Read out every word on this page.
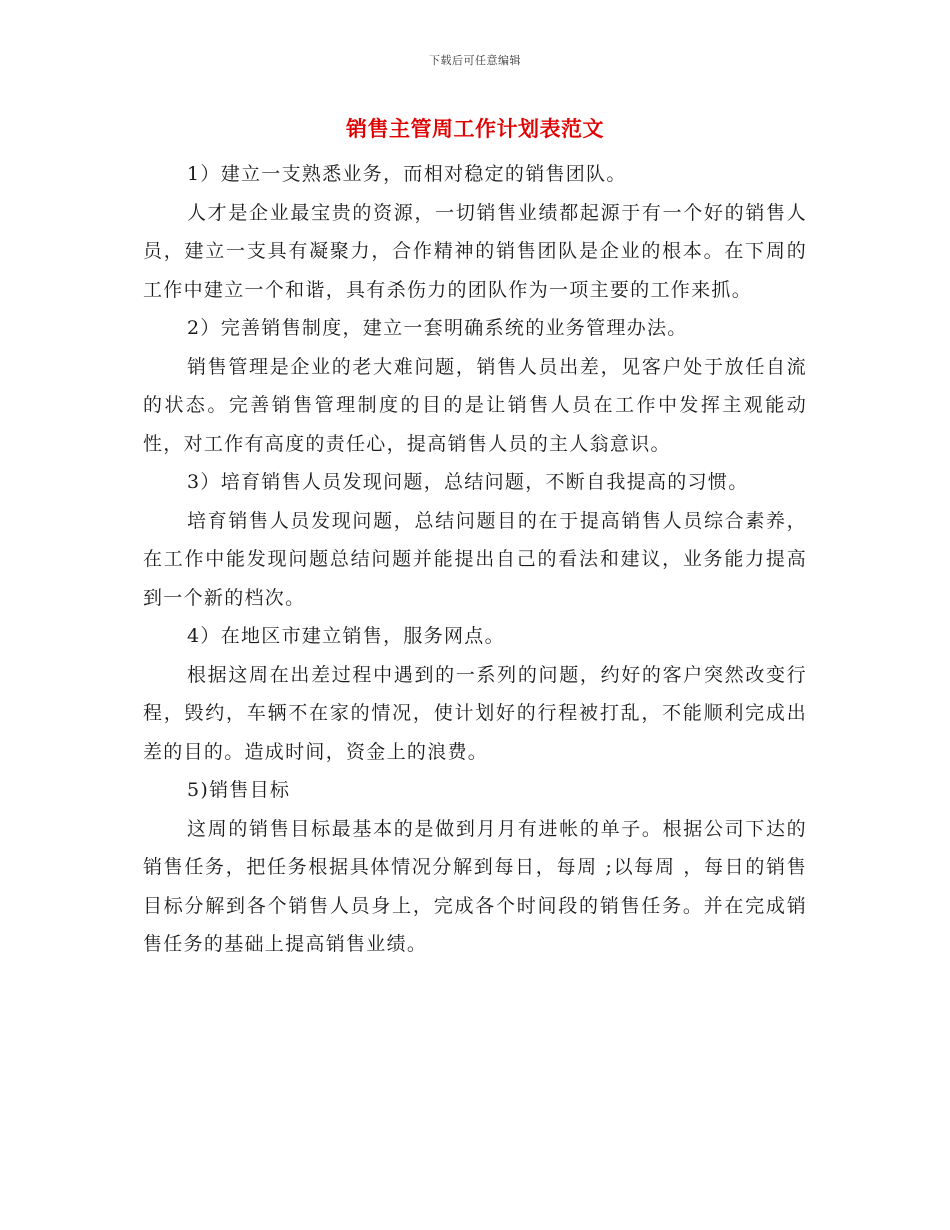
下载后可任意编辑
销售主管周工作计划表范文

1）建立一支熟悉业务，而相对稳定的销售团队。

人才是企业最宝贵的资源，一切销售业绩都起源于有一个好的销售人员，建立一支具有凝聚力，合作精神的销售团队是企业的根本。在下周的工作中建立一个和谐，具有杀伤力的团队作为一项主要的工作来抓。

2）完善销售制度，建立一套明确系统的业务管理办法。

销售管理是企业的老大难问题，销售人员出差，见客户处于放任自流的状态。完善销售管理制度的目的是让销售人员在工作中发挥主观能动性，对工作有高度的责任心，提高销售人员的主人翁意识。

3）培育销售人员发现问题，总结问题，不断自我提高的习惯。

培育销售人员发现问题，总结问题目的在于提高销售人员综合素养，在工作中能发现问题总结问题并能提出自己的看法和建议，业务能力提高到一个新的档次。

4）在地区市建立销售，服务网点。

根据这周在出差过程中遇到的一系列的问题，约好的客户突然改变行程，毁约，车辆不在家的情况，使计划好的行程被打乱，不能顺利完成出差的目的。造成时间，资金上的浪费。

5)销售目标

这周的销售目标最基本的是做到月月有进帐的单子。根据公司下达的销售任务，把任务根据具体情况分解到每日，每周 ;以每周 ，每日的销售目标分解到各个销售人员身上，完成各个时间段的销售任务。并在完成销售任务的基础上提高销售业绩。
